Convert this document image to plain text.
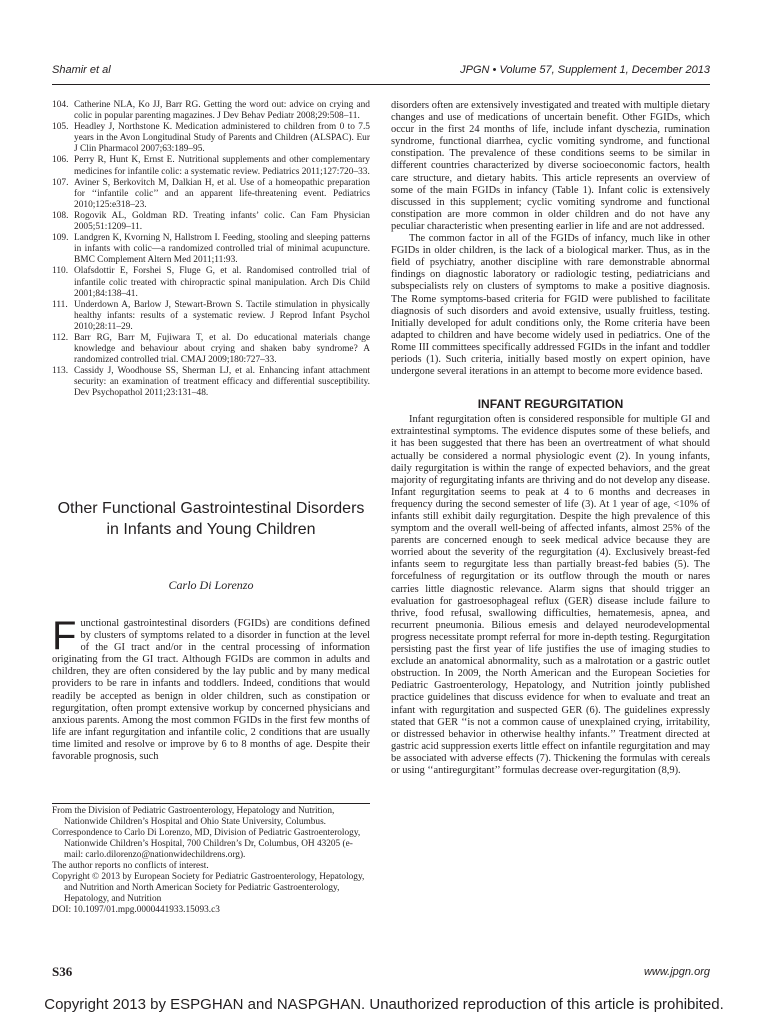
Shamir et al	JPGN • Volume 57, Supplement 1, December 2013
104. Catherine NLA, Ko JJ, Barr RG. Getting the word out: advice on crying and colic in popular parenting magazines. J Dev Behav Pediatr 2008;29:508–11.
105. Headley J, Northstone K. Medication administered to children from 0 to 7.5 years in the Avon Longitudinal Study of Parents and Children (ALSPAC). Eur J Clin Pharmacol 2007;63:189–95.
106. Perry R, Hunt K, Ernst E. Nutritional supplements and other complementary medicines for infantile colic: a systematic review. Pediatrics 2011;127:720–33.
107. Aviner S, Berkovitch M, Dalkian H, et al. Use of a homeopathic preparation for ‘‘infantile colic’’ and an apparent life-threatening event. Pediatrics 2010;125:e318–23.
108. Rogovik AL, Goldman RD. Treating infants’ colic. Can Fam Physician 2005;51:1209–11.
109. Landgren K, Kvorning N, Hallstrom I. Feeding, stooling and sleeping patterns in infants with colic—a randomized controlled trial of minimal acupuncture. BMC Complement Altern Med 2011;11:93.
110. Olafsdottir E, Forshei S, Fluge G, et al. Randomised controlled trial of infantile colic treated with chiropractic spinal manipulation. Arch Dis Child 2001;84:138–41.
111. Underdown A, Barlow J, Stewart-Brown S. Tactile stimulation in physically healthy infants: results of a systematic review. J Reprod Infant Psychol 2010;28:11–29.
112. Barr RG, Barr M, Fujiwara T, et al. Do educational materials change knowledge and behaviour about crying and shaken baby syndrome? A randomized controlled trial. CMAJ 2009;180:727–33.
113. Cassidy J, Woodhouse SS, Sherman LJ, et al. Enhancing infant attachment security: an examination of treatment efficacy and differential susceptibility. Dev Psychopathol 2011;23:131–48.
Other Functional Gastrointestinal Disorders in Infants and Young Children
Carlo Di Lorenzo
Functional gastrointestinal disorders (FGIDs) are conditions defined by clusters of symptoms related to a disorder in function at the level of the GI tract and/or in the central processing of information originating from the GI tract. Although FGIDs are common in adults and children, they are often considered by the lay public and by many medical providers to be rare in infants and toddlers. Indeed, conditions that would readily be accepted as benign in older children, such as constipation or regurgitation, often prompt extensive workup by concerned physicians and anxious parents. Among the most common FGIDs in the first few months of life are infant regurgitation and infantile colic, 2 conditions that are usually time limited and resolve or improve by 6 to 8 months of age. Despite their favorable prognosis, such

From the Division of Pediatric Gastroenterology, Hepatology and Nutrition, Nationwide Children’s Hospital and Ohio State University, Columbus.

Correspondence to Carlo Di Lorenzo, MD, Division of Pediatric Gastroenterology, Nationwide Children’s Hospital, 700 Children’s Dr, Columbus, OH 43205 (e-mail: carlo.dilorenzo@nationwidechildrens.org).

The author reports no conflicts of interest.

Copyright © 2013 by European Society for Pediatric Gastroenterology, Hepatology, and Nutrition and North American Society for Pediatric Gastroenterology, Hepatology, and Nutrition

DOI: 10.1097/01.mpg.0000441933.15093.c3

disorders often are extensively investigated and treated with multiple dietary changes and use of medications of uncertain benefit. Other FGIDs, which occur in the first 24 months of life, include infant dyschezia, rumination syndrome, functional diarrhea, cyclic vomiting syndrome, and functional constipation. The prevalence of these conditions seems to be similar in different countries characterized by diverse socioeconomic factors, health care structure, and dietary habits. This article represents an overview of some of the main FGIDs in infancy (Table 1). Infant colic is extensively discussed in this supplement; cyclic vomiting syndrome and functional constipation are more common in older children and do not have any peculiar characteristic when presenting earlier in life and are not addressed.

The common factor in all of the FGIDs of infancy, much like in other FGIDs in older children, is the lack of a biological marker. Thus, as in the field of psychiatry, another discipline with rare demonstrable abnormal findings on diagnostic laboratory or radiologic testing, pediatricians and subspecialists rely on clusters of symptoms to make a positive diagnosis. The Rome symptoms-based criteria for FGID were published to facilitate diagnosis of such disorders and avoid extensive, usually fruitless, testing. Initially developed for adult conditions only, the Rome criteria have been adapted to children and have become widely used in pediatrics. One of the Rome III committees specifically addressed FGIDs in the infant and toddler periods (1). Such criteria, initially based mostly on expert opinion, have undergone several iterations in an attempt to become more evidence based.

INFANT REGURGITATION

Infant regurgitation often is considered responsible for multiple GI and extraintestinal symptoms. The evidence disputes some of these beliefs, and it has been suggested that there has been an overtreatment of what should actually be considered a normal physiologic event (2). In young infants, daily regurgitation is within the range of expected behaviors, and the great majority of regurgitating infants are thriving and do not develop any disease. Infant regurgitation seems to peak at 4 to 6 months and decreases in frequency during the second semester of life (3). At 1 year of age, <10% of infants still exhibit daily regurgitation. Despite the high prevalence of this symptom and the overall well-being of affected infants, almost 25% of the parents are concerned enough to seek medical advice because they are worried about the severity of the regurgitation (4). Exclusively breast-fed infants seem to regurgitate less than partially breast-fed babies (5). The forcefulness of regurgitation or its outflow through the mouth or nares carries little diagnostic relevance. Alarm signs that should trigger an evaluation for gastroesophageal reflux (GER) disease include failure to thrive, food refusal, swallowing difficulties, hematemesis, apnea, and recurrent pneumonia. Bilious emesis and delayed neurodevelopmental progress necessitate prompt referral for more in-depth testing. Regurgitation persisting past the first year of life justifies the use of imaging studies to exclude an anatomical abnormality, such as a malrotation or a gastric outlet obstruction. In 2009, the North American and the European Societies for Pediatric Gastroenterology, Hepatology, and Nutrition jointly published practice guidelines that discuss evidence for when to evaluate and treat an infant with regurgitation and suspected GER (6). The guidelines expressly stated that GER ‘‘is not a common cause of unexplained crying, irritability, or distressed behavior in otherwise healthy infants.’’ Treatment directed at gastric acid suppression exerts little effect on infantile regurgitation and may be associated with adverse effects (7). Thickening the formulas with cereals or using ‘‘antiregurgitant’’ formulas decrease over-regurgitation (8,9).

S36	www.jpgn.org
Copyright 2013 by ESPGHAN and NASPGHAN. Unauthorized reproduction of this article is prohibited.
